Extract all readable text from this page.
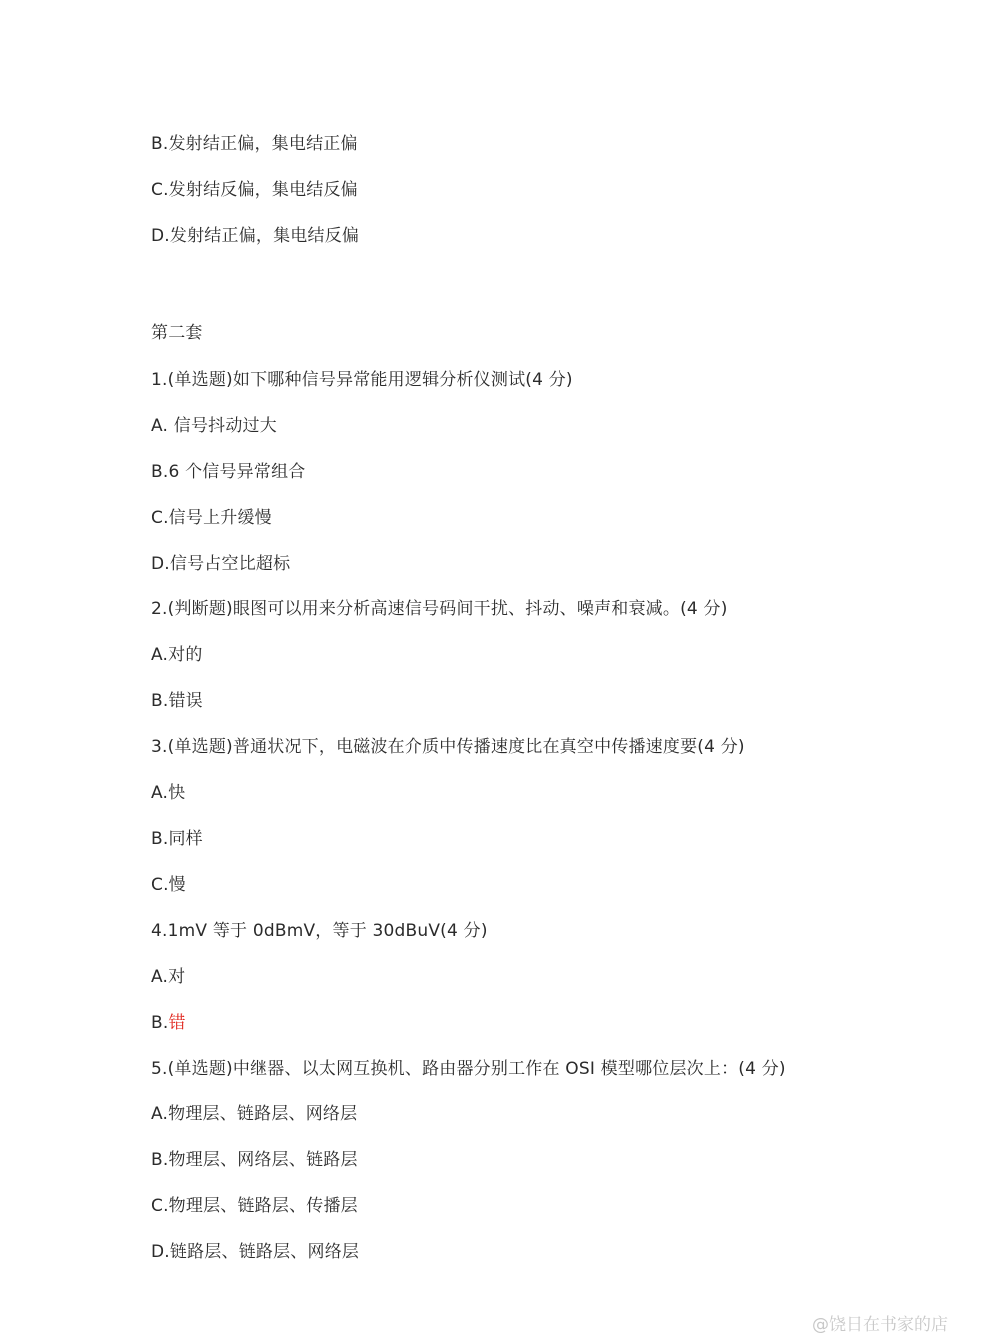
B.发射结正偏，集电结正偏
C.发射结反偏，集电结反偏
D.发射结正偏，集电结反偏
第二套
1.(单选题)如下哪种信号异常能用逻辑分析仪测试(4 分)
A. 信号抖动过大
B.6 个信号异常组合
C.信号上升缓慢
D.信号占空比超标
2.(判断题)眼图可以用来分析高速信号码间干扰、抖动、噪声和衰减。(4 分)
A.对的
B.错误
3.(单选题)普通状况下，电磁波在介质中传播速度比在真空中传播速度要(4 分)
A.快
B.同样
C.慢
4.1mV 等于 0dBmV，等于 30dBuV(4 分)
A.对
B.错
5.(单选题)中继器、以太网互换机、路由器分别工作在 OSI 模型哪位层次上：(4 分)
A.物理层、链路层、网络层
B.物理层、网络层、链路层
C.物理层、链路层、传播层
D.链路层、链路层、网络层
@饶日在书家的店
